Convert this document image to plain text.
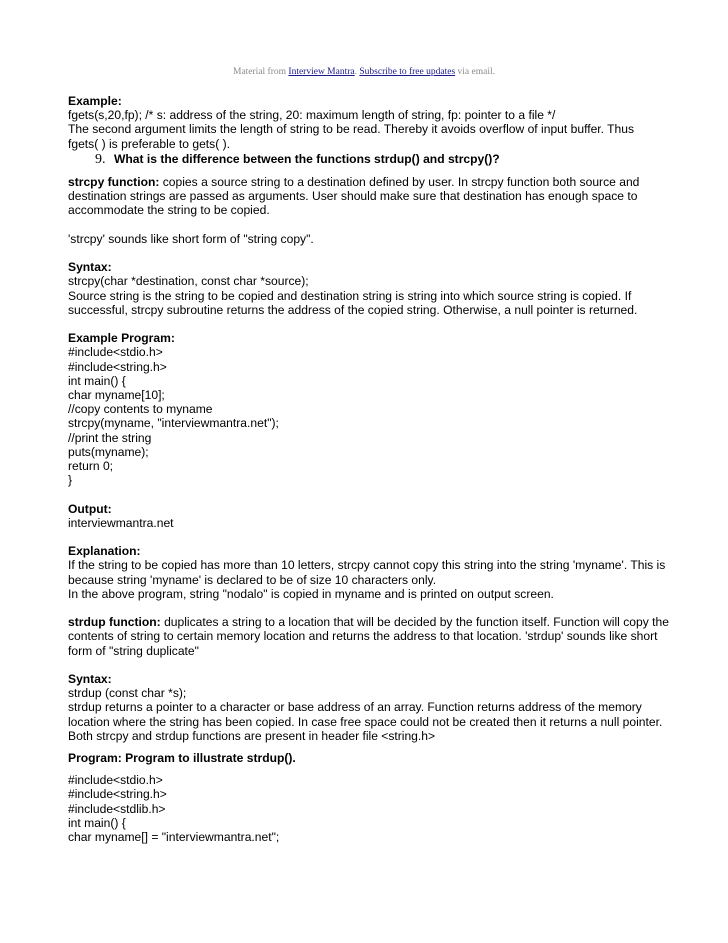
Material from Interview Mantra. Subscribe to free updates via email.
Example:
fgets(s,20,fp); /* s: address of the string, 20: maximum length of string, fp: pointer to a file */
The second argument limits the length of string to be read. Thereby it avoids overflow of input buffer. Thus
fgets( ) is preferable to gets( ).
9. What is the difference between the functions strdup() and strcpy()?
strcpy function: copies a source string to a destination defined by user. In strcpy function both source and
destination strings are passed as arguments. User should make sure that destination has enough space to
accommodate the string to be copied.
'strcpy' sounds like short form of "string copy".
Syntax:
strcpy(char *destination, const char *source);
Source string is the string to be copied and destination string is string into which source string is copied. If
successful, strcpy subroutine returns the address of the copied string. Otherwise, a null pointer is returned.
Example Program:
#include<stdio.h>
#include<string.h>
int main() {
char myname[10];
//copy contents to myname
strcpy(myname, "interviewmantra.net");
//print the string
puts(myname);
return 0;
}
Output:
interviewmantra.net
Explanation:
If the string to be copied has more than 10 letters, strcpy cannot copy this string into the string 'myname'. This is
because string 'myname' is declared to be of size 10 characters only.
In the above program, string "nodalo" is copied in myname and is printed on output screen.
strdup function: duplicates a string to a location that will be decided by the function itself. Function will copy the
contents of string to certain memory location and returns the address to that location. 'strdup' sounds like short
form of "string duplicate"
Syntax:
strdup (const char *s);
strdup returns a pointer to a character or base address of an array. Function returns address of the memory
location where the string has been copied. In case free space could not be created then it returns a null pointer.
Both strcpy and strdup functions are present in header file <string.h>
Program: Program to illustrate strdup().
#include<stdio.h>
#include<string.h>
#include<stdlib.h>
int main() {
char myname[] = "interviewmantra.net";
